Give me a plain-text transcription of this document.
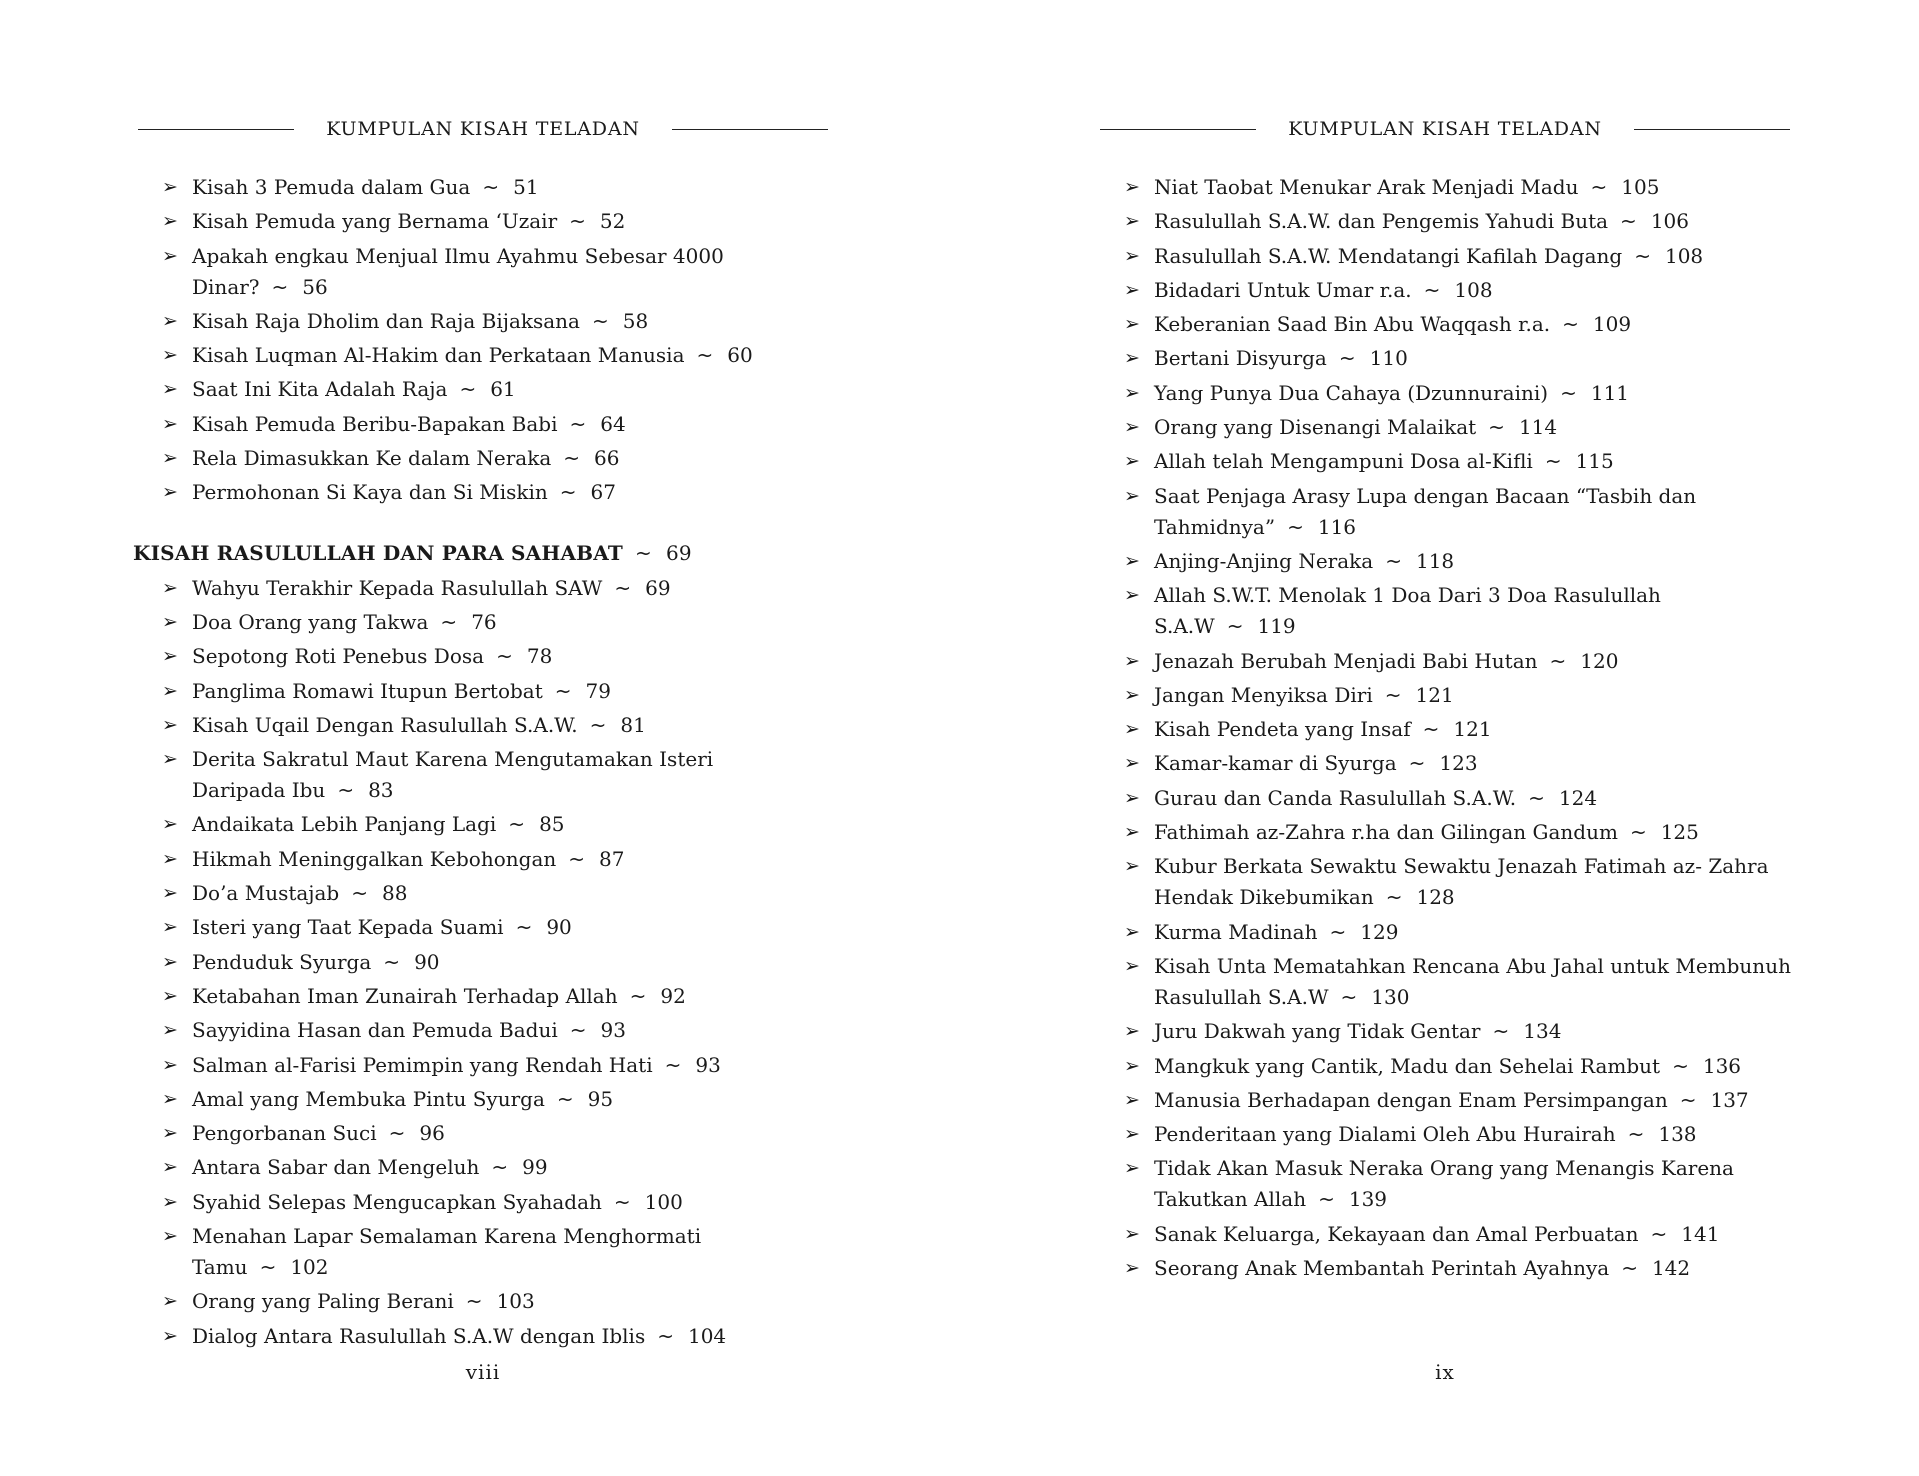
KUMPULAN KISAH TELADAN
➢ Kisah 3 Pemuda dalam Gua ~ 51
➢ Kisah Pemuda yang Bernama ‘Uzair ~ 52
➢ Apakah engkau Menjual Ilmu Ayahmu Sebesar 4000 Dinar? ~ 56
➢ Kisah Raja Dholim dan Raja Bijaksana ~ 58
➢ Kisah Luqman Al-Hakim dan Perkataan Manusia ~ 60
➢ Saat Ini Kita Adalah Raja ~ 61
➢ Kisah Pemuda Beribu-Bapakan Babi ~ 64
➢ Rela Dimasukkan Ke dalam Neraka ~ 66
➢ Permohonan Si Kaya dan Si Miskin ~ 67
KISAH RASULULLAH DAN PARA SAHABAT ~ 69
➢ Wahyu Terakhir Kepada Rasulullah SAW ~ 69
➢ Doa Orang yang Takwa ~ 76
➢ Sepotong Roti Penebus Dosa ~ 78
➢ Panglima Romawi Itupun Bertobat ~ 79
➢ Kisah Uqail Dengan Rasulullah S.A.W. ~ 81
➢ Derita Sakratul Maut Karena Mengutamakan Isteri Daripada Ibu ~ 83
➢ Andaikata Lebih Panjang Lagi ~ 85
➢ Hikmah Meninggalkan Kebohongan ~ 87
➢ Do’a Mustajab ~ 88
➢ Isteri yang Taat Kepada Suami ~ 90
➢ Penduduk Syurga ~ 90
➢ Ketabahan Iman Zunairah Terhadap Allah ~ 92
➢ Sayyidina Hasan dan Pemuda Badui ~ 93
➢ Salman al-Farisi Pemimpin yang Rendah Hati ~ 93
➢ Amal yang Membuka Pintu Syurga ~ 95
➢ Pengorbanan Suci ~ 96
➢ Antara Sabar dan Mengeluh ~ 99
➢ Syahid Selepas Mengucapkan Syahadah ~ 100
➢ Menahan Lapar Semalaman Karena Menghormati Tamu ~ 102
➢ Orang yang Paling Berani ~ 103
➢ Dialog Antara Rasulullah S.A.W dengan Iblis ~ 104
viii
KUMPULAN KISAH TELADAN
➢ Niat Taobat Menukar Arak Menjadi Madu ~ 105
➢ Rasulullah S.A.W. dan Pengemis Yahudi Buta ~ 106
➢ Rasulullah S.A.W. Mendatangi Kafilah Dagang ~ 108
➢ Bidadari Untuk Umar r.a. ~ 108
➢ Keberanian Saad Bin Abu Waqqash r.a. ~ 109
➢ Bertani Disyurga ~ 110
➢ Yang Punya Dua Cahaya (Dzunnuraini) ~ 111
➢ Orang yang Disenangi Malaikat ~ 114
➢ Allah telah Mengampuni Dosa al-Kifli ~ 115
➢ Saat Penjaga Arasy Lupa dengan Bacaan “Tasbih dan Tahmidnya” ~ 116
➢ Anjing-Anjing Neraka ~ 118
➢ Allah S.W.T. Menolak 1 Doa Dari 3 Doa Rasulullah S.A.W ~ 119
➢ Jenazah Berubah Menjadi Babi Hutan ~ 120
➢ Jangan Menyiksa Diri ~ 121
➢ Kisah Pendeta yang Insaf ~ 121
➢ Kamar-kamar di Syurga ~ 123
➢ Gurau dan Canda Rasulullah S.A.W. ~ 124
➢ Fathimah az-Zahra r.ha dan Gilingan Gandum ~ 125
➢ Kubur Berkata Sewaktu Sewaktu Jenazah Fatimah az- Zahra Hendak Dikebumikan ~ 128
➢ Kurma Madinah ~ 129
➢ Kisah Unta Mematahkan Rencana Abu Jahal untuk Membunuh Rasulullah S.A.W ~ 130
➢ Juru Dakwah yang Tidak Gentar ~ 134
➢ Mangkuk yang Cantik, Madu dan Sehelai Rambut ~ 136
➢ Manusia Berhadapan dengan Enam Persimpangan ~ 137
➢ Penderitaan yang Dialami Oleh Abu Hurairah ~ 138
➢ Tidak Akan Masuk Neraka Orang yang Menangis Karena Takutkan Allah ~ 139
➢ Sanak Keluarga, Kekayaan dan Amal Perbuatan ~ 141
➢ Seorang Anak Membantah Perintah Ayahnya ~ 142
ix
